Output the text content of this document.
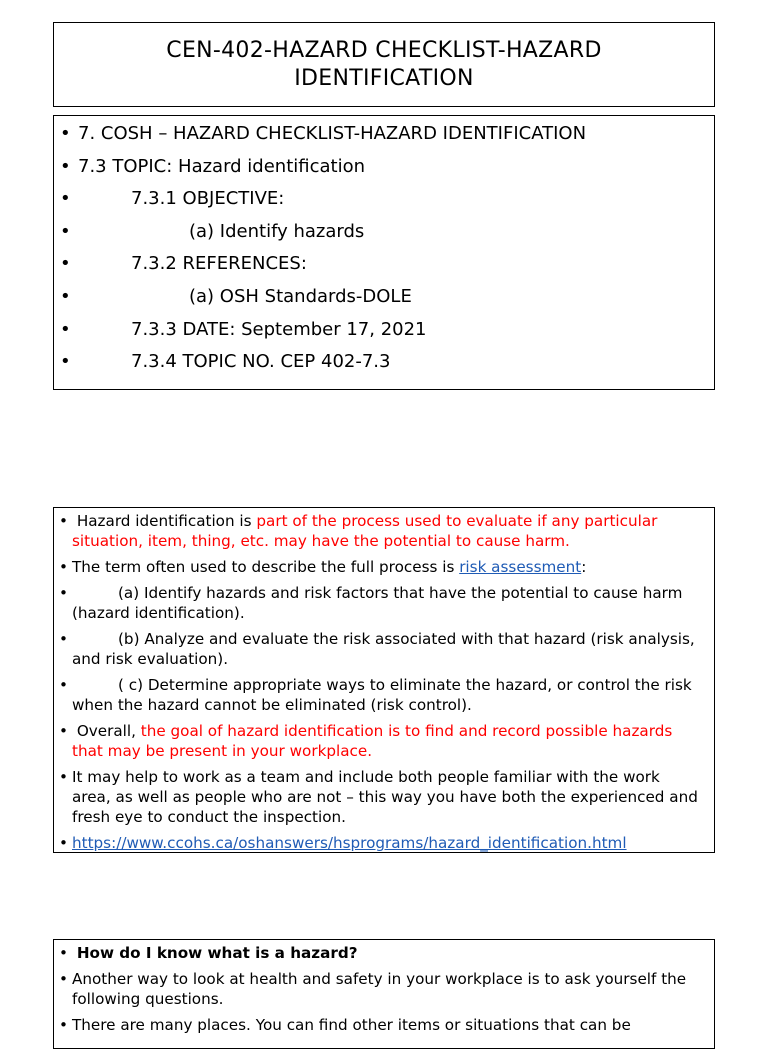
CEN-402-HAZARD CHECKLIST-HAZARD
IDENTIFICATION
• 7. COSH – HAZARD CHECKLIST-HAZARD IDENTIFICATION
• 7.3 TOPIC: Hazard identification
•	7.3.1 OBJECTIVE:
•	(a) Identify hazards
•	7.3.2 REFERENCES:
•	(a) OSH Standards-DOLE
•	7.3.3 DATE: September 17, 2021
•	7.3.4 TOPIC NO. CEP 402-7.3
• Hazard identification is part of the process used to evaluate if any particular situation, item, thing, etc. may have the potential to cause harm.
• The term often used to describe the full process is risk assessment:
•	(a) Identify hazards and risk factors that have the potential to cause harm (hazard identification).
•	(b) Analyze and evaluate the risk associated with that hazard (risk analysis, and risk evaluation).
•	( c) Determine appropriate ways to eliminate the hazard, or control the risk when the hazard cannot be eliminated (risk control).
• Overall, the goal of hazard identification is to find and record possible hazards that may be present in your workplace.
• It may help to work as a team and include both people familiar with the work area, as well as people who are not – this way you have both the experienced and fresh eye to conduct the inspection.
• https://www.ccohs.ca/oshanswers/hsprograms/hazard_identification.html
• How do I know what is a hazard?
• Another way to look at health and safety in your workplace is to ask yourself the following questions.
• There are many places. You can find other items or situations that can be
